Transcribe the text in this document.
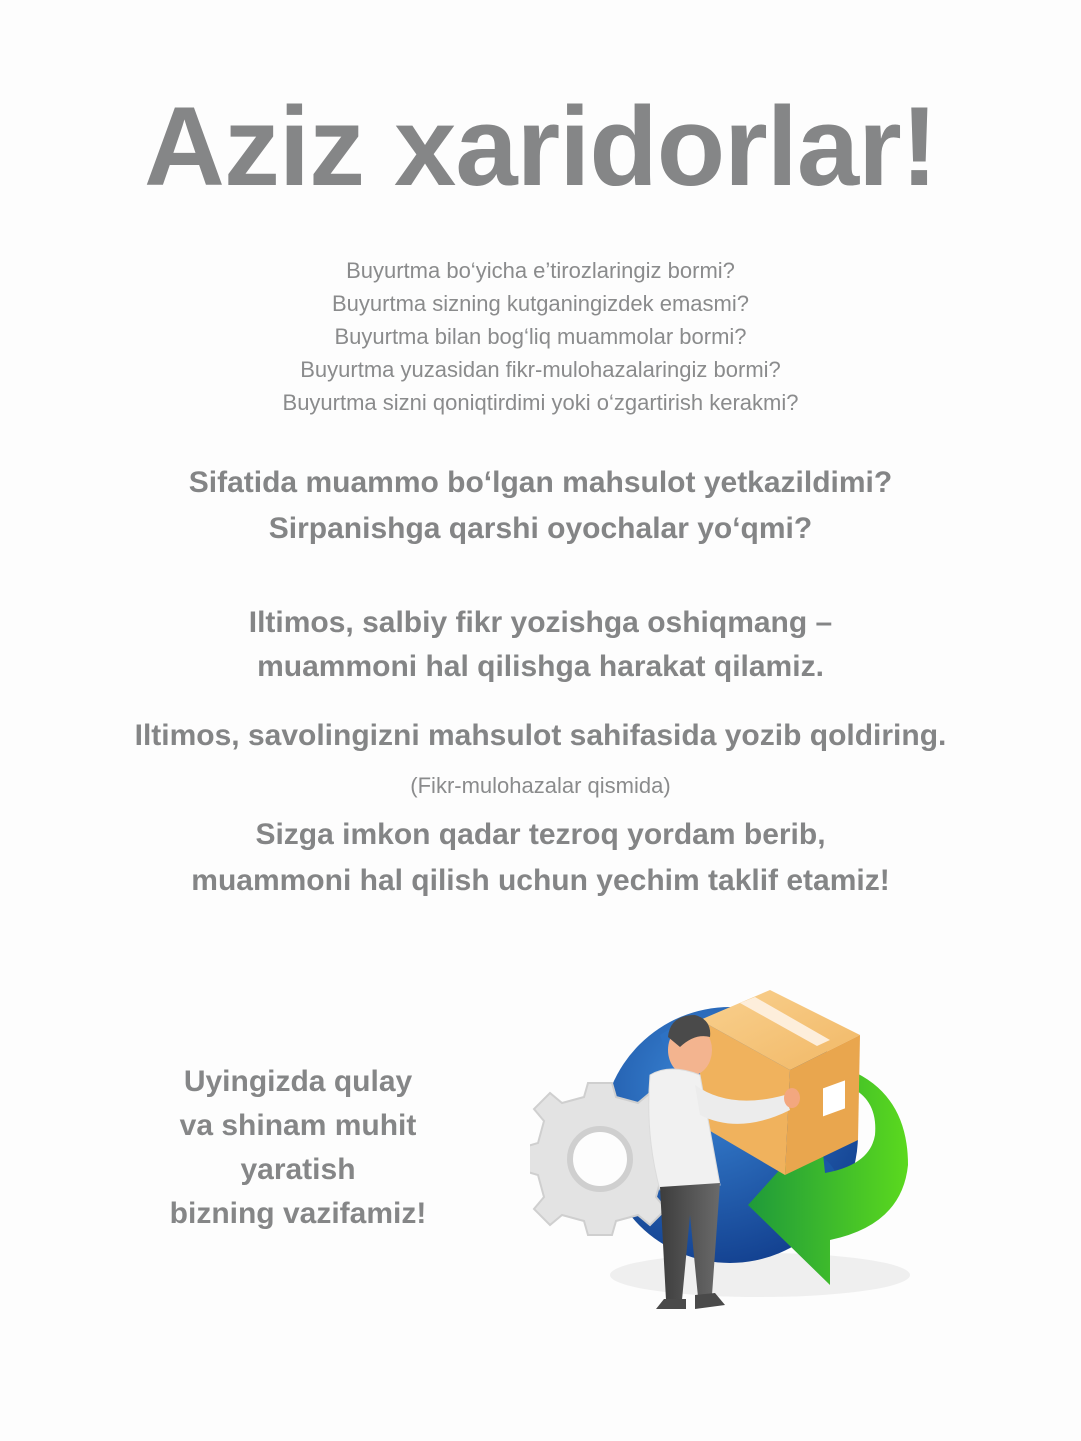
Aziz xaridorlar!
Buyurtma bo‘yicha e’tirozlaringiz bormi?
Buyurtma sizning kutganingizdek emasmi?
Buyurtma bilan bog‘liq muammolar bormi?
Buyurtma yuzasidan fikr-mulohazalaringiz bormi?
Buyurtma sizni qoniqtirdimi yoki o‘zgartirish kerakmi?
Sifatida muammo bo‘lgan mahsulot yetkazildimi?
Sirpanishga qarshi oyochalar yo‘qmi?
Iltimos, salbiy fikr yozishga oshiqmang –
muammoni hal qilishga harakat qilamiz.
Iltimos, savolingizni mahsulot sahifasida yozib qoldiring.
(Fikr-mulohazalar qismida)
Sizga imkon qadar tezroq yordam berib,
muammoni hal qilish uchun yechim taklif etamiz!
Uyingizda qulay
va shinam muhit
yaratish
bizning vazifamiz!
